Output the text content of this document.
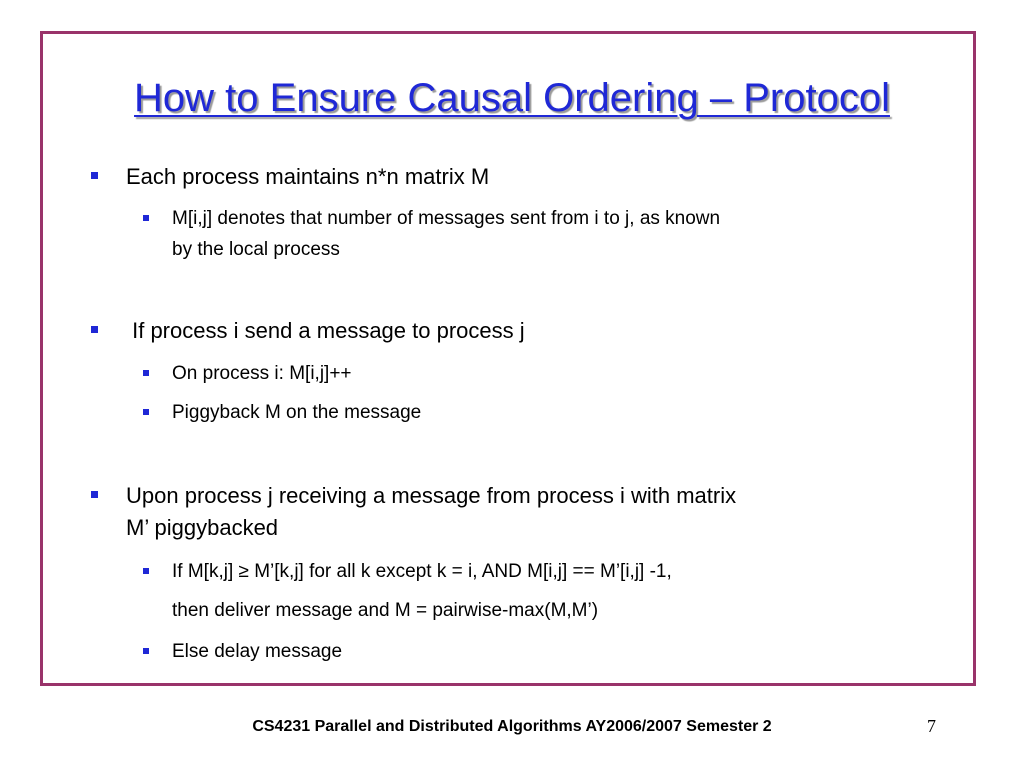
How to Ensure Causal Ordering – Protocol
Each process maintains n*n matrix M
M[i,j] denotes that number of messages sent from i to j, as known
by the local process
If process i send a message to process j
On process i: M[i,j]++
Piggyback M on the message
Upon process j receiving a message from process i with matrix
M’ piggybacked
If M[k,j] ≥ M’[k,j] for all k except k = i, AND M[i,j] == M’[i,j] -1,
then deliver message and M = pairwise-max(M,M’)
Else delay message
CS4231 Parallel and Distributed Algorithms AY2006/2007 Semester 2	7
